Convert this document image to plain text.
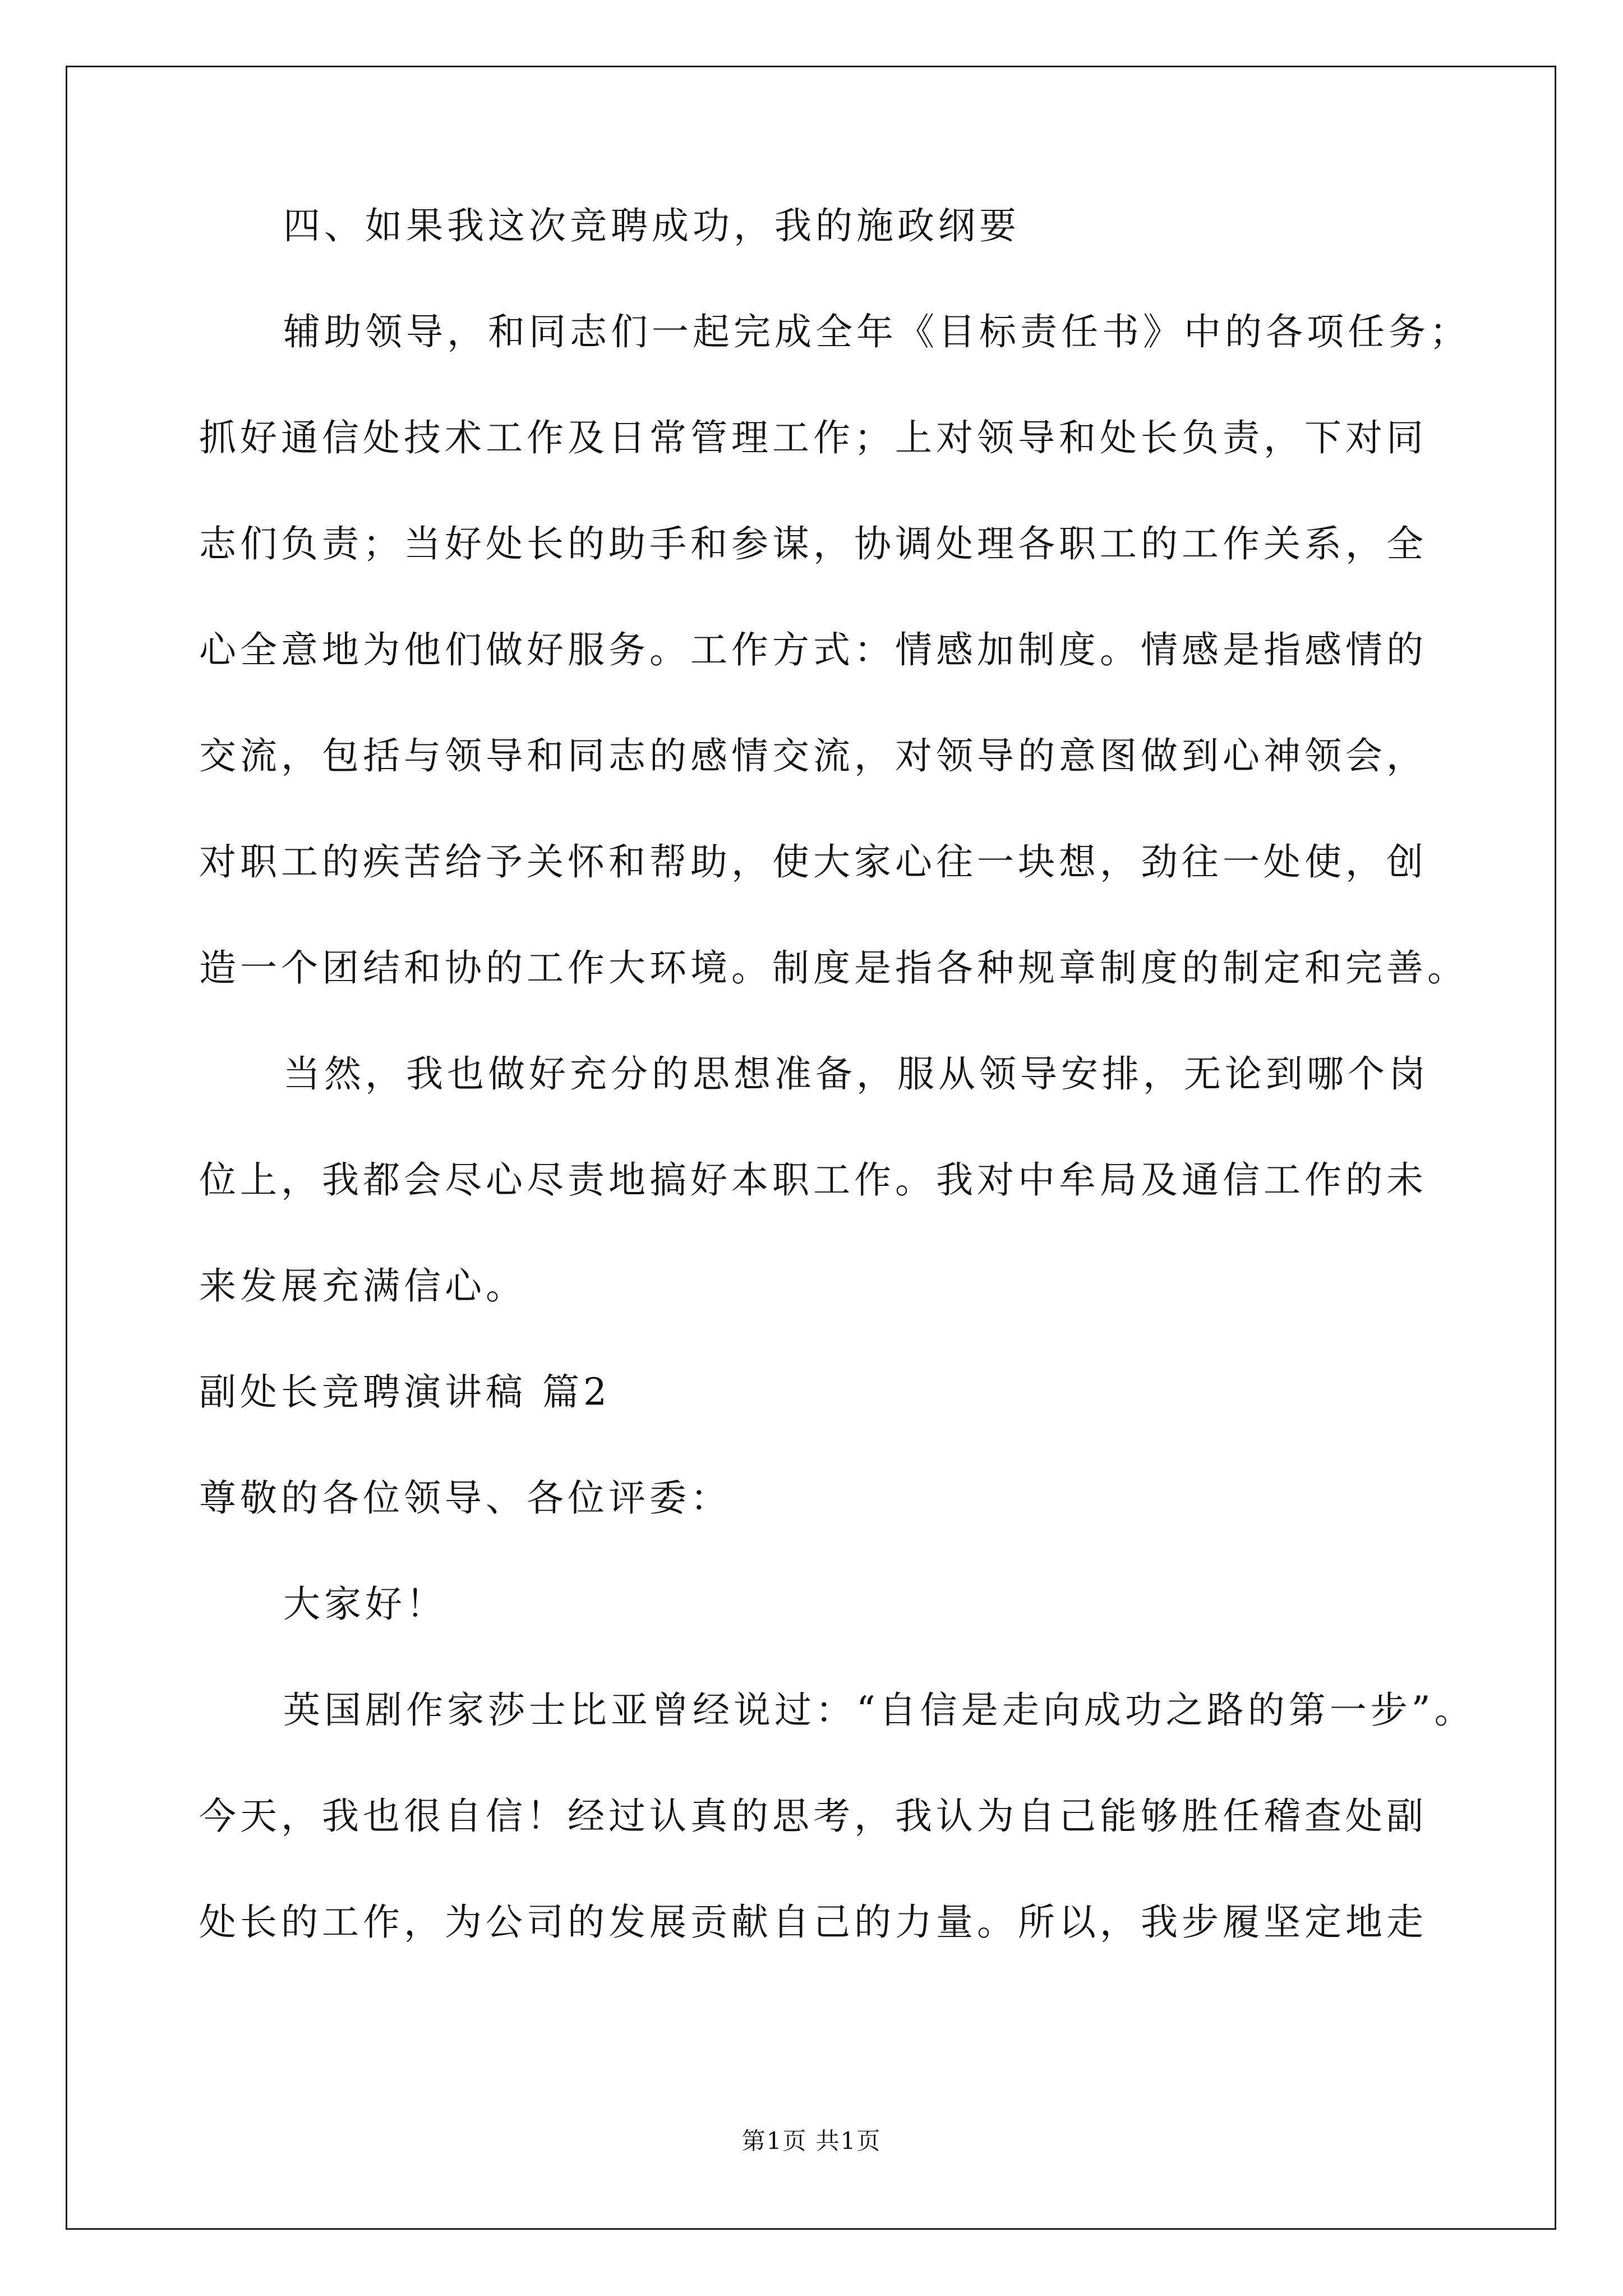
四、如果我这次竞聘成功，我的施政纲要

辅助领导，和同志们一起完成全年《目标责任书》中的各项任务；

抓好通信处技术工作及日常管理工作；上对领导和处长负责，下对同

志们负责；当好处长的助手和参谋，协调处理各职工的工作关系，全

心全意地为他们做好服务。工作方式：情感加制度。情感是指感情的

交流，包括与领导和同志的感情交流，对领导的意图做到心神领会，

对职工的疾苦给予关怀和帮助，使大家心往一块想，劲往一处使，创

造一个团结和协的工作大环境。制度是指各种规章制度的制定和完善。

当然，我也做好充分的思想准备，服从领导安排，无论到哪个岗

位上，我都会尽心尽责地搞好本职工作。我对中牟局及通信工作的未

来发展充满信心。

副处长竞聘演讲稿 篇2

尊敬的各位领导、各位评委：

大家好！

英国剧作家莎士比亚曾经说过：“自信是走向成功之路的第一步”。

今天，我也很自信！经过认真的思考，我认为自己能够胜任稽查处副

处长的工作，为公司的发展贡献自己的力量。所以，我步履坚定地走

第1页 共1页
